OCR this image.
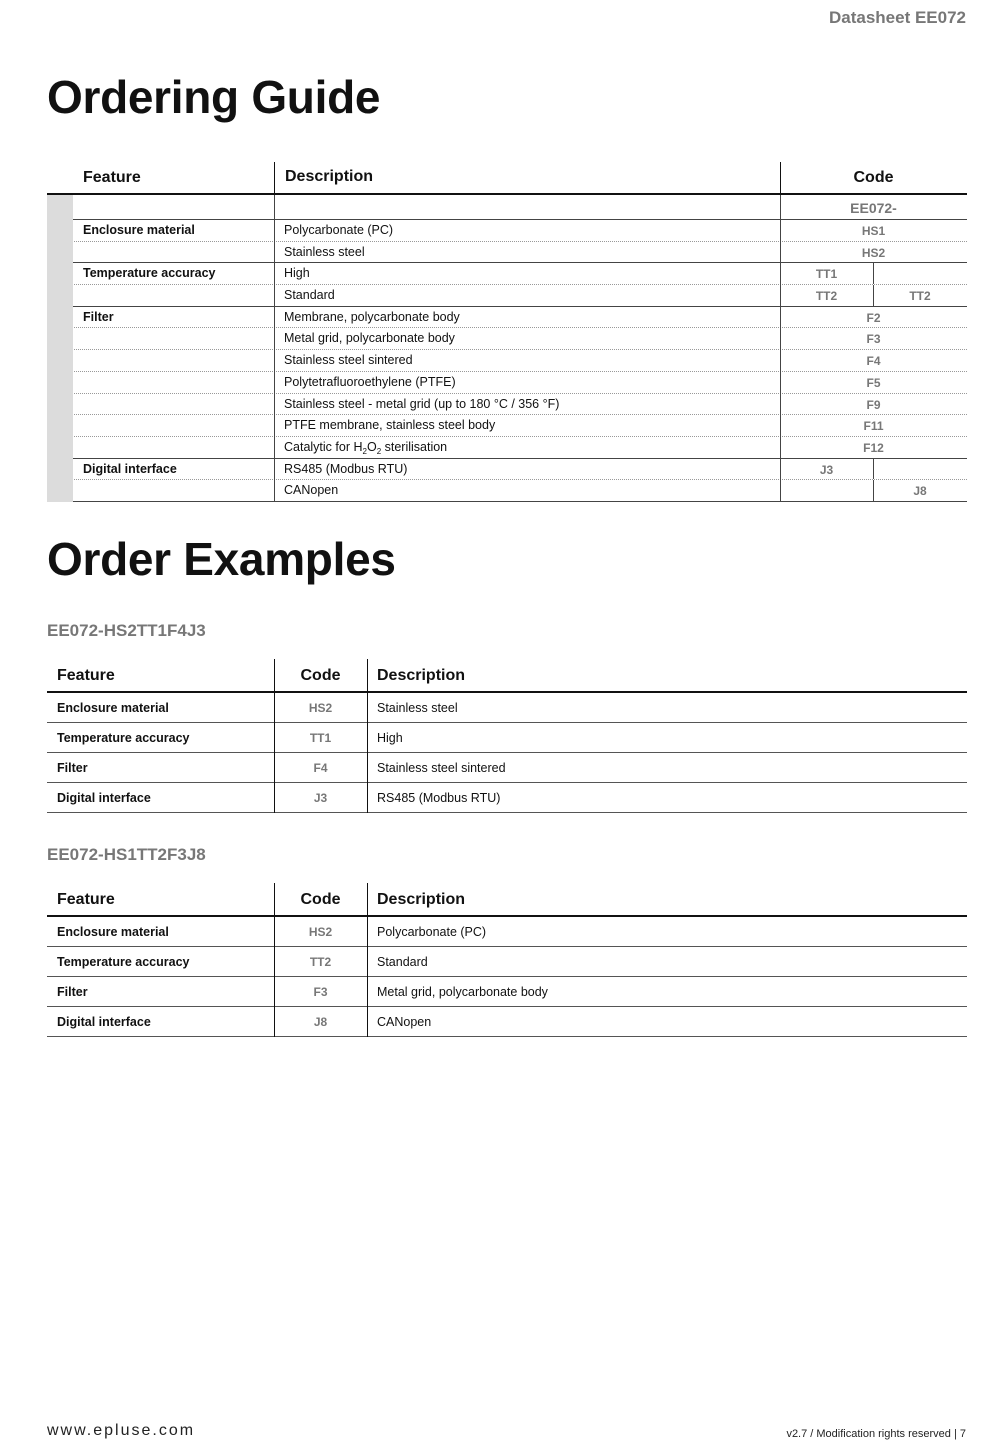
Datasheet EE072
Ordering Guide
Feature	Description	Code
EE072-
Enclosure material	Polycarbonate (PC)	HS1
Stainless steel	HS2
Temperature accuracy	High	TT1
Standard	TT2	TT2
Filter	Membrane, polycarbonate body	F2
Metal grid, polycarbonate body	F3
Stainless steel sintered	F4
Polytetrafluoroethylene (PTFE)	F5
Stainless steel - metal grid (up to 180 °C / 356 °F)	F9
PTFE membrane, stainless steel body	F11
Catalytic for $H_2O_2$ sterilisation	F12
Digital interface	RS485 (Modbus RTU)	J3
CANopen	J8
Order Examples
EE072-HS2TT1F4J3
Feature	Code	Description
Enclosure material	HS2	Stainless steel
Temperature accuracy	TT1	High
Filter	F4	Stainless steel sintered
Digital interface	J3	RS485 (Modbus RTU)
EE072-HS1TT2F3J8
Feature	Code	Description
Enclosure material	HS2	Polycarbonate (PC)
Temperature accuracy	TT2	Standard
Filter	F3	Metal grid, polycarbonate body
Digital interface	J8	CANopen
www.epluse.com	v2.7 / Modification rights reserved | 7
